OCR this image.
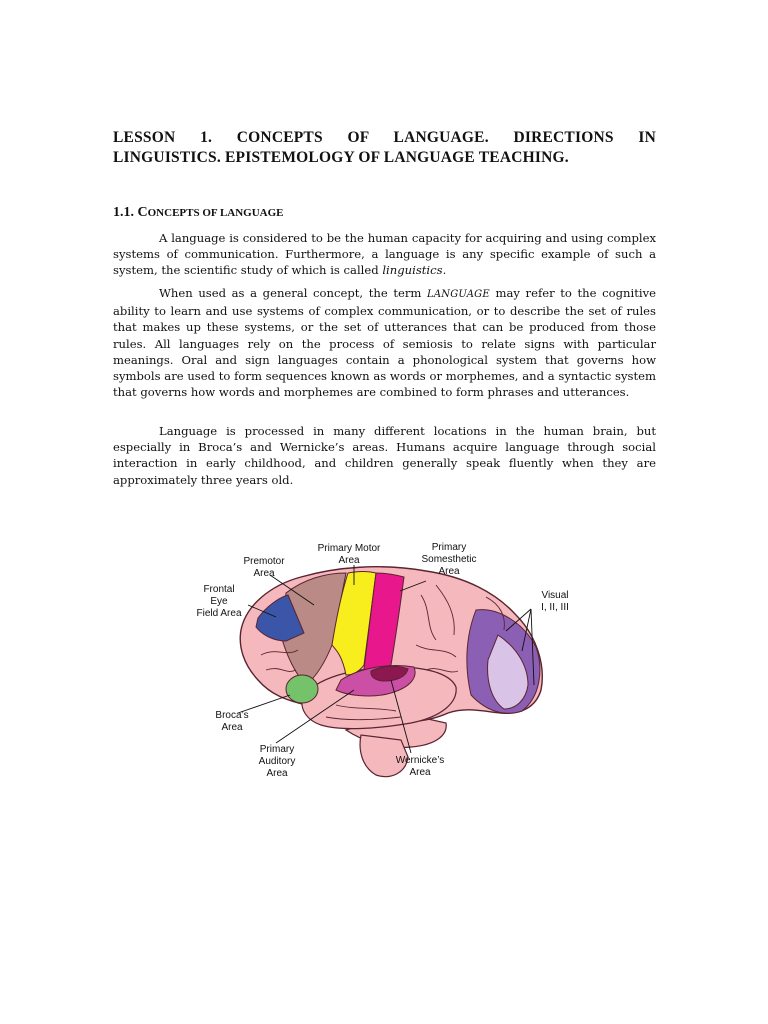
LESSON 1. CONCEPTS OF LANGUAGE. DIRECTIONS IN
LINGUISTICS. EPISTEMOLOGY OF LANGUAGE TEACHING.
1.1. CONCEPTS OF LANGUAGE

A language is considered to be the human capacity for acquiring and using complex systems of communication. Furthermore, a language is any specific example of such a system, the scientific study of which is called linguistics.

When used as a general concept, the term LANGUAGE may refer to the cognitive ability to learn and use systems of complex communication, or to describe the set of rules that makes up these systems, or the set of utterances that can be produced from those rules. All languages rely on the process of semiosis to relate signs with particular meanings. Oral and sign languages contain a phonological system that governs how symbols are used to form sequences known as words or morphemes, and a syntactic system that governs how words and morphemes are combined to form phrases and utterances.

Language is processed in many different locations in the human brain, but especially in Broca’s and Wernicke’s areas. Humans acquire language through social interaction in early childhood, and children generally speak fluently when they are approximately three years old.

Premotor
Area
Primary Motor
Area
Primary
Somesthetic
Area
Frontal
Eye
Field Area
Visual
I, II, III
Broca’s
Area
Primary
Auditory
Area
Wernicke’s
Area
